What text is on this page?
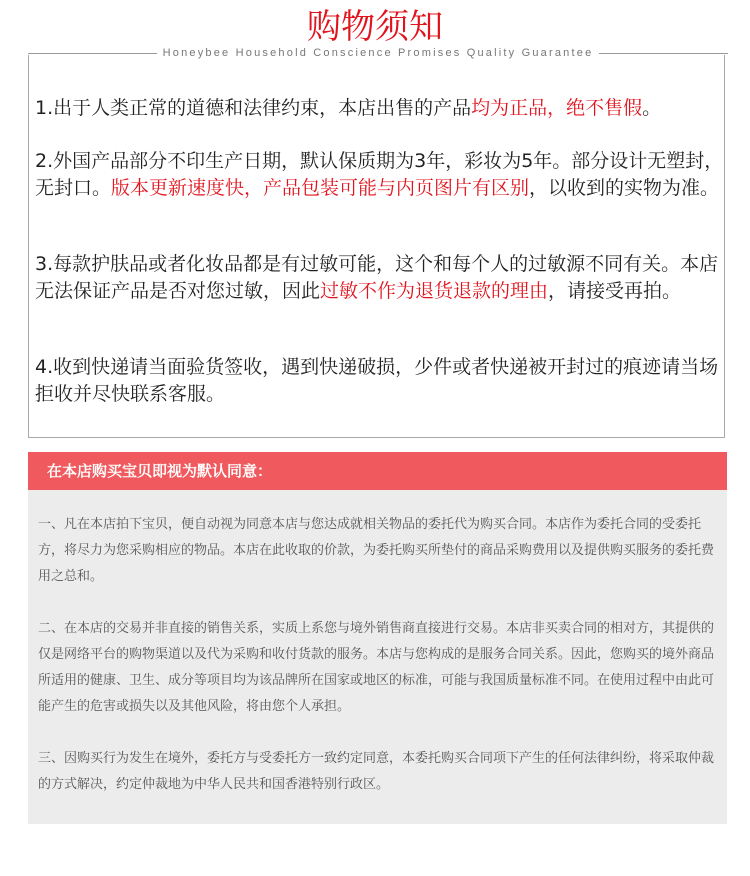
购物须知
Honeybee Household Conscience Promises Quality Guarantee

1.出于人类正常的道德和法律约束，本店出售的产品均为正品，绝不售假。

2.外国产品部分不印生产日期，默认保质期为3年，彩妆为5年。部分设计无塑封，无封口。版本更新速度快，产品包装可能与内页图片有区别，以收到的实物为准。

3.每款护肤品或者化妆品都是有过敏可能，这个和每个人的过敏源不同有关。本店无法保证产品是否对您过敏，因此过敏不作为退货退款的理由，请接受再拍。

4.收到快递请当面验货签收，遇到快递破损，少件或者快递被开封过的痕迹请当场拒收并尽快联系客服。

在本店购买宝贝即视为默认同意：

一、凡在本店拍下宝贝，便自动视为同意本店与您达成就相关物品的委托代为购买合同。本店作为委托合同的受委托方，将尽力为您采购相应的物品。本店在此收取的价款，为委托购买所垫付的商品采购费用以及提供购买服务的委托费用之总和。

二、在本店的交易并非直接的销售关系，实质上系您与境外销售商直接进行交易。本店非买卖合同的相对方，其提供的仅是网络平台的购物渠道以及代为采购和收付货款的服务。本店与您构成的是服务合同关系。因此，您购买的境外商品所适用的健康、卫生、成分等项目均为该品牌所在国家或地区的标准，可能与我国质量标准不同。在使用过程中由此可能产生的危害或损失以及其他风险，将由您个人承担。

三、因购买行为发生在境外，委托方与受委托方一致约定同意，本委托购买合同项下产生的任何法律纠纷，将采取仲裁的方式解决，约定仲裁地为中华人民共和国香港特别行政区。
